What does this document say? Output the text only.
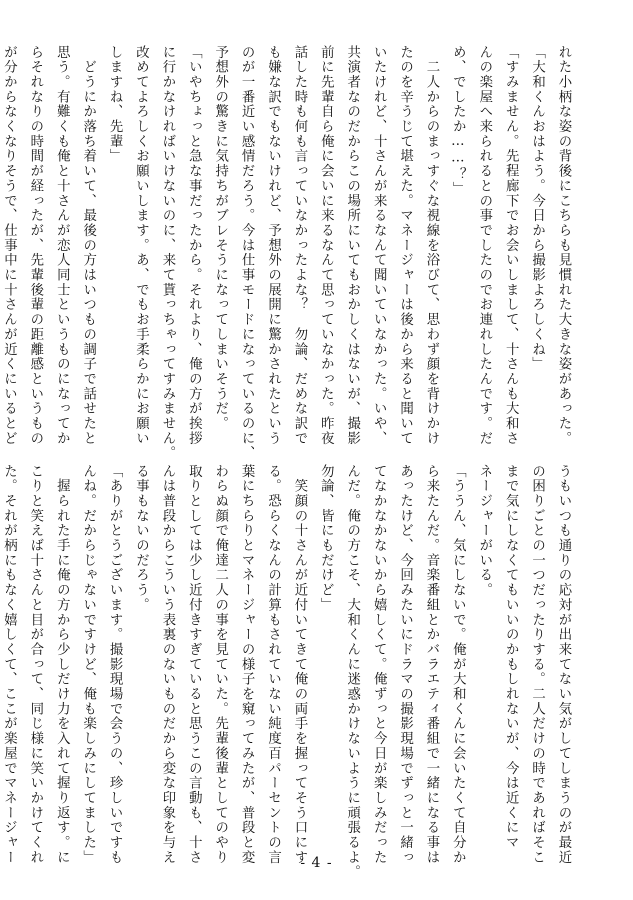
れた小柄な姿の背後にこちらも見慣れた大きな姿があった。
「大和くんおはよう。今日から撮影よろしくね」
「すみません。先程廊下でお会いしまして、十さんも大和さ
んの楽屋へ来られるとの事でしたのでお連れしたんです。だ
め、でしたか……？」
　二人からのまっすぐな視線を浴びて、思わず顔を背けかけ
たのを辛うじて堪えた。マネージャーは後から来ると聞いて
いたけれど、十さんが来るなんて聞いていなかった。いや、
共演者なのだからこの場所にいてもおかしくはないが、撮影
前に先輩自ら俺に会いに来るなんて思っていなかった。昨夜
話した時も何も言っていなかったよな？　勿論、だめな訳で
も嫌な訳でもないけれど、予想外の展開に驚かされたという
のが一番近い感情だろう。今は仕事モードになっているのに、
予想外の驚きに気持ちがブレそうになってしまいそうだ。
「いやちょっと急な事だったから。それより、俺の方が挨拶
に行かなければいけないのに、来て貰っちゃってすみません。
改めてよろしくお願いします。あ、でもお手柔らかにお願い
しますね、先輩」
　どうにか落ち着いて、最後の方はいつもの調子で話せたと
思う。有難くも俺と十さんが恋人同士というものになってか
らそれなりの時間が経ったが、先輩後輩の距離感というもの
が分からなくなりそうで、仕事中に十さんが近くにいるとど
うもいつも通りの応対が出来てない気がしてしまうのが最近
の困りごとの一つだったりする。二人だけの時であればそこ
まで気にしなくてもいいのかもしれないが、今は近くにマ
ネージャーがいる。
「ううん、気にしないで。俺が大和くんに会いたくて自分か
ら来たんだ。音楽番組とかバラエティ番組で一緒になる事は
あったけど、今回みたいにドラマの撮影現場でずっと一緒っ
てなかなかないから嬉しくて。俺ずっと今日が楽しみだった
んだ。俺の方こそ、大和くんに迷惑かけないように頑張るよ。
勿論、皆にもだけど」
　笑顔の十さんが近付いてきて俺の両手を握ってそう口にす
る。恐らくなんの計算もされていない純度百パーセントの言
葉にちらりとマネージャーの様子を窺ってみたが、普段と変
わらぬ顔で俺達二人の事を見ていた。先輩後輩としてのやり
取りとしては少し近付きすぎていると思うこの言動も、十さ
んは普段からこういう表裏のないものだから変な印象を与え
る事もないのだろう。
「ありがとうございます。撮影現場で会うの、珍しいですも
んね。だからじゃないですけど、俺も楽しみにしてました」
　握られた手に俺の方から少しだけ力を入れて握り返す。に
こりと笑えば十さんと目が合って、同じ様に笑いかけてくれ
た。それが柄にもなく嬉しくて、ここが楽屋でマネージャー	- 4 -
